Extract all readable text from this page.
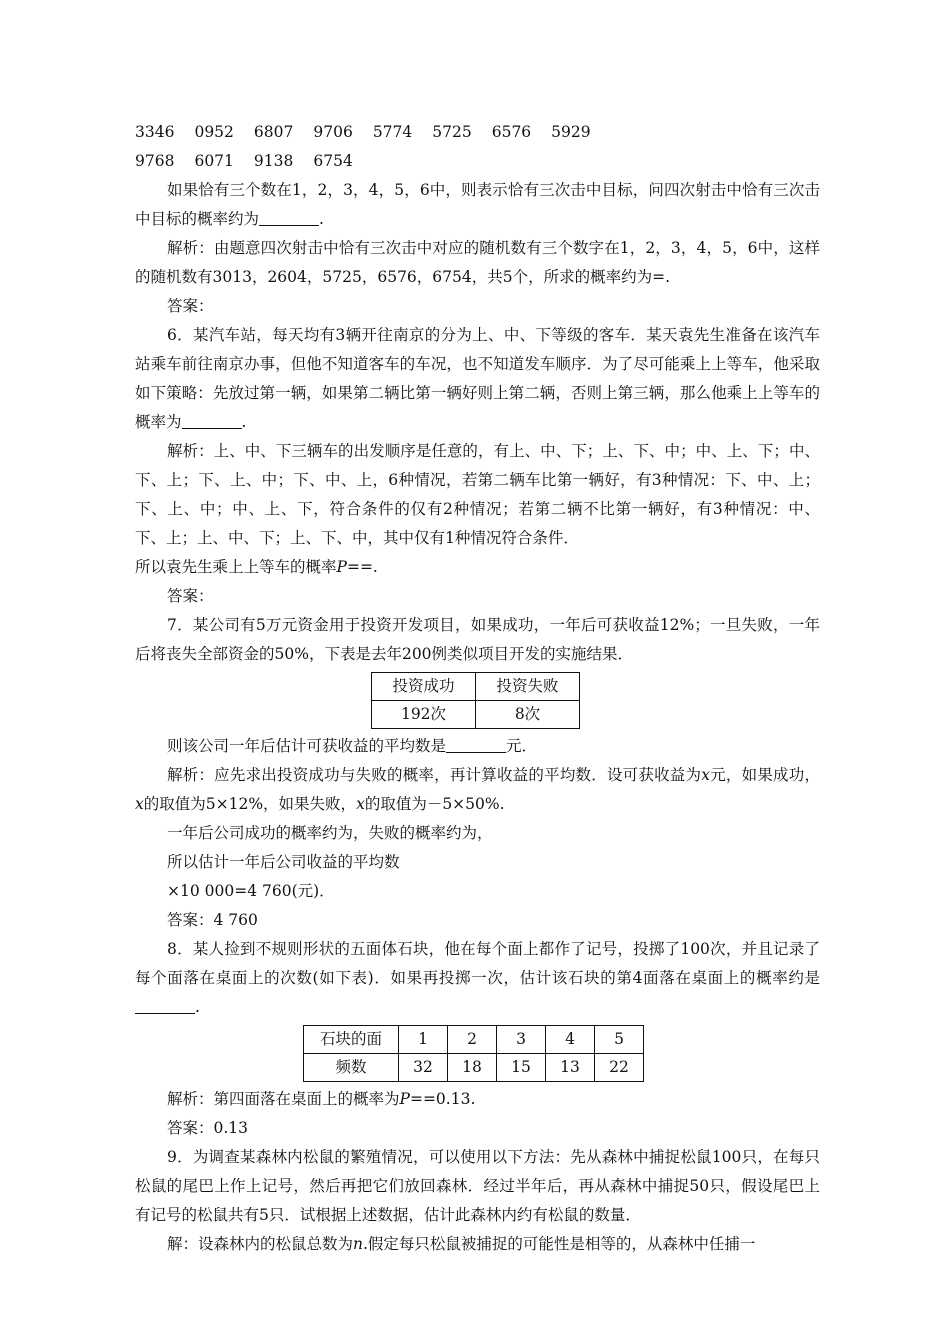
3346 0952 6807 9706 5774 5725 6576 5929
9768 6071 9138 6754

如果恰有三个数在1，2，3，4，5，6中，则表示恰有三次击中目标，问四次射击中恰有三次击中目标的概率约为	.

解析：由题意四次射击中恰有三次击中对应的随机数有三个数字在1，2，3，4，5，6中，这样的随机数有3013，2604，5725，6576，6754，共5个，所求的概率约为=.

答案：

6．某汽车站，每天均有3辆开往南京的分为上、中、下等级的客车．某天袁先生准备在该汽车站乘车前往南京办事，但他不知道客车的车况，也不知道发车顺序．为了尽可能乘上上等车，他采取如下策略：先放过第一辆，如果第二辆比第一辆好则上第二辆，否则上第三辆，那么他乘上上等车的概率为	.

解析：上、中、下三辆车的出发顺序是任意的，有上、中、下；上、下、中；中、上、下；中、下、上；下、上、中；下、中、上，6种情况，若第二辆车比第一辆好，有3种情况：下、中、上；下、上、中；中、上、下，符合条件的仅有2种情况；若第二辆不比第一辆好，有3种情况：中、下、上；上、中、下；上、下、中，其中仅有1种情况符合条件．

所以袁先生乘上上等车的概率P==.

答案：

7．某公司有5万元资金用于投资开发项目，如果成功，一年后可获收益12%；一旦失败，一年后将丧失全部资金的50%，下表是去年200例类似项目开发的实施结果．

投资成功	投资失败
192次	8次

则该公司一年后估计可获收益的平均数是	元．

解析：应先求出投资成功与失败的概率，再计算收益的平均数．设可获收益为x元，如果成功，x的取值为5×12%，如果失败，x的取值为－5×50%.

一年后公司成功的概率约为，失败的概率约为，

所以估计一年后公司收益的平均数

×10 000=4 760(元)．

答案：4 760

8．某人捡到不规则形状的五面体石块，他在每个面上都作了记号，投掷了100次，并且记录了每个面落在桌面上的次数(如下表)．如果再投掷一次，估计该石块的第4面落在桌面上的概率约是.

石块的面	1	2	3	4	5
频数	32	18	15	13	22

解析：第四面落在桌面上的概率为P==0.13.

答案：0.13

9．为调查某森林内松鼠的繁殖情况，可以使用以下方法：先从森林中捕捉松鼠100只，在每只松鼠的尾巴上作上记号，然后再把它们放回森林．经过半年后，再从森林中捕捉50只，假设尾巴上有记号的松鼠共有5只．试根据上述数据，估计此森林内约有松鼠的数量．

解：设森林内的松鼠总数为n.假定每只松鼠被捕捉的可能性是相等的，从森林中任捕一
